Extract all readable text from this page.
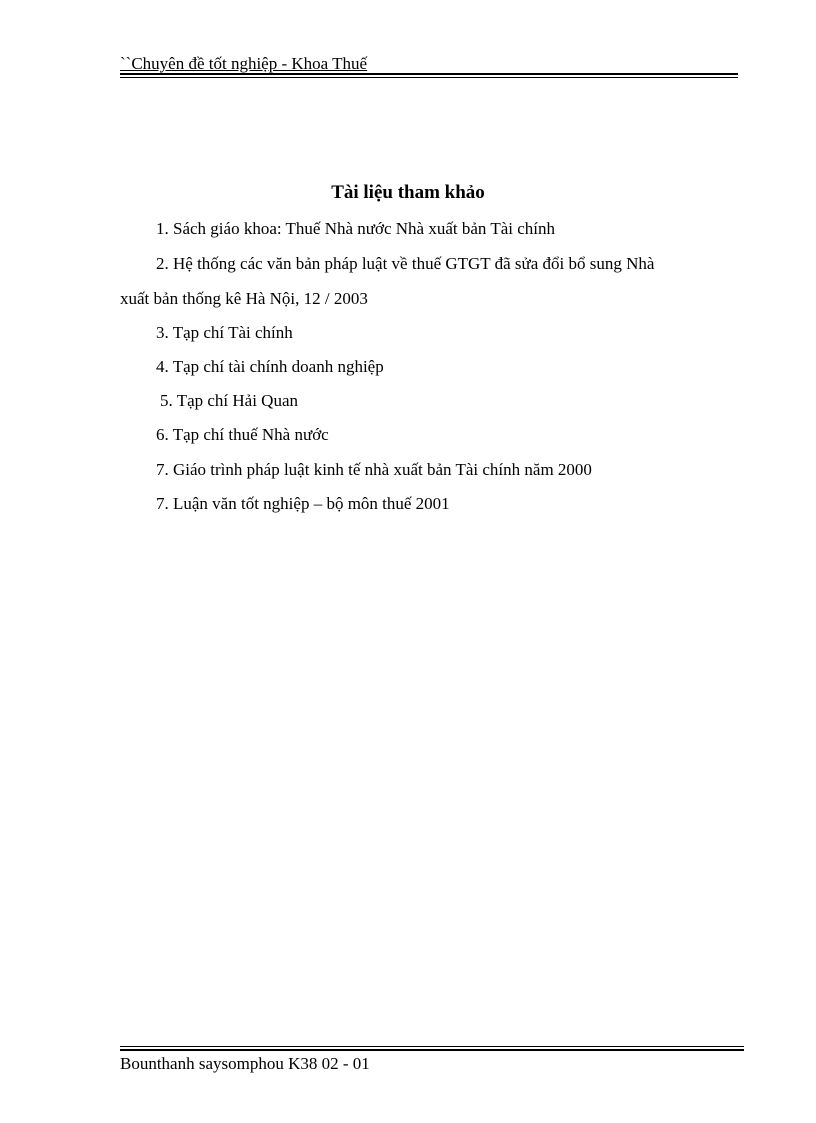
``Chuyên đề tốt nghiệp - Khoa Thuế
Tài liệu tham khảo
1. Sách giáo khoa: Thuế Nhà nước Nhà xuất bản Tài chính
2. Hệ thống các văn bản pháp luật về thuế GTGT đã sửa đổi bổ sung Nhà
xuất bản thống kê Hà Nội, 12 / 2003
3. Tạp chí Tài chính
4. Tạp chí tài chính doanh nghiệp
5. Tạp chí Hải Quan
6. Tạp chí thuế Nhà nước
7. Giáo trình pháp luật kinh tế nhà xuất bản Tài chính năm 2000
7. Luận văn tốt nghiệp – bộ môn thuế 2001
Bounthanh saysomphou K38 02 - 01
